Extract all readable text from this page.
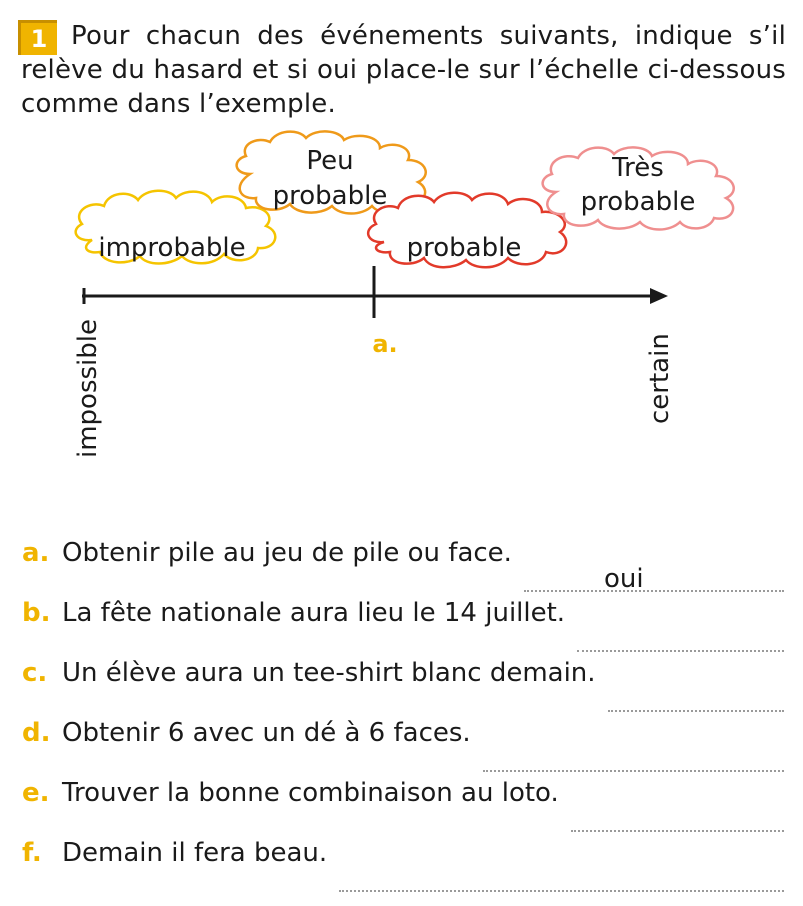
1 Pour chacun des événements suivants, indique s’il relève du hasard et si oui place-le sur l’échelle ci-dessous comme dans l’exemple.

improbable
Peu
probable
probable
Très
probable
a.
impossible	certain
a. Obtenir pile au jeu de pile ou face.
oui
b. La fête nationale aura lieu le 14 juillet.
c. Un élève aura un tee-shirt blanc demain.
d. Obtenir 6 avec un dé à 6 faces.
e. Trouver la bonne combinaison au loto.
f. Demain il fera beau.
